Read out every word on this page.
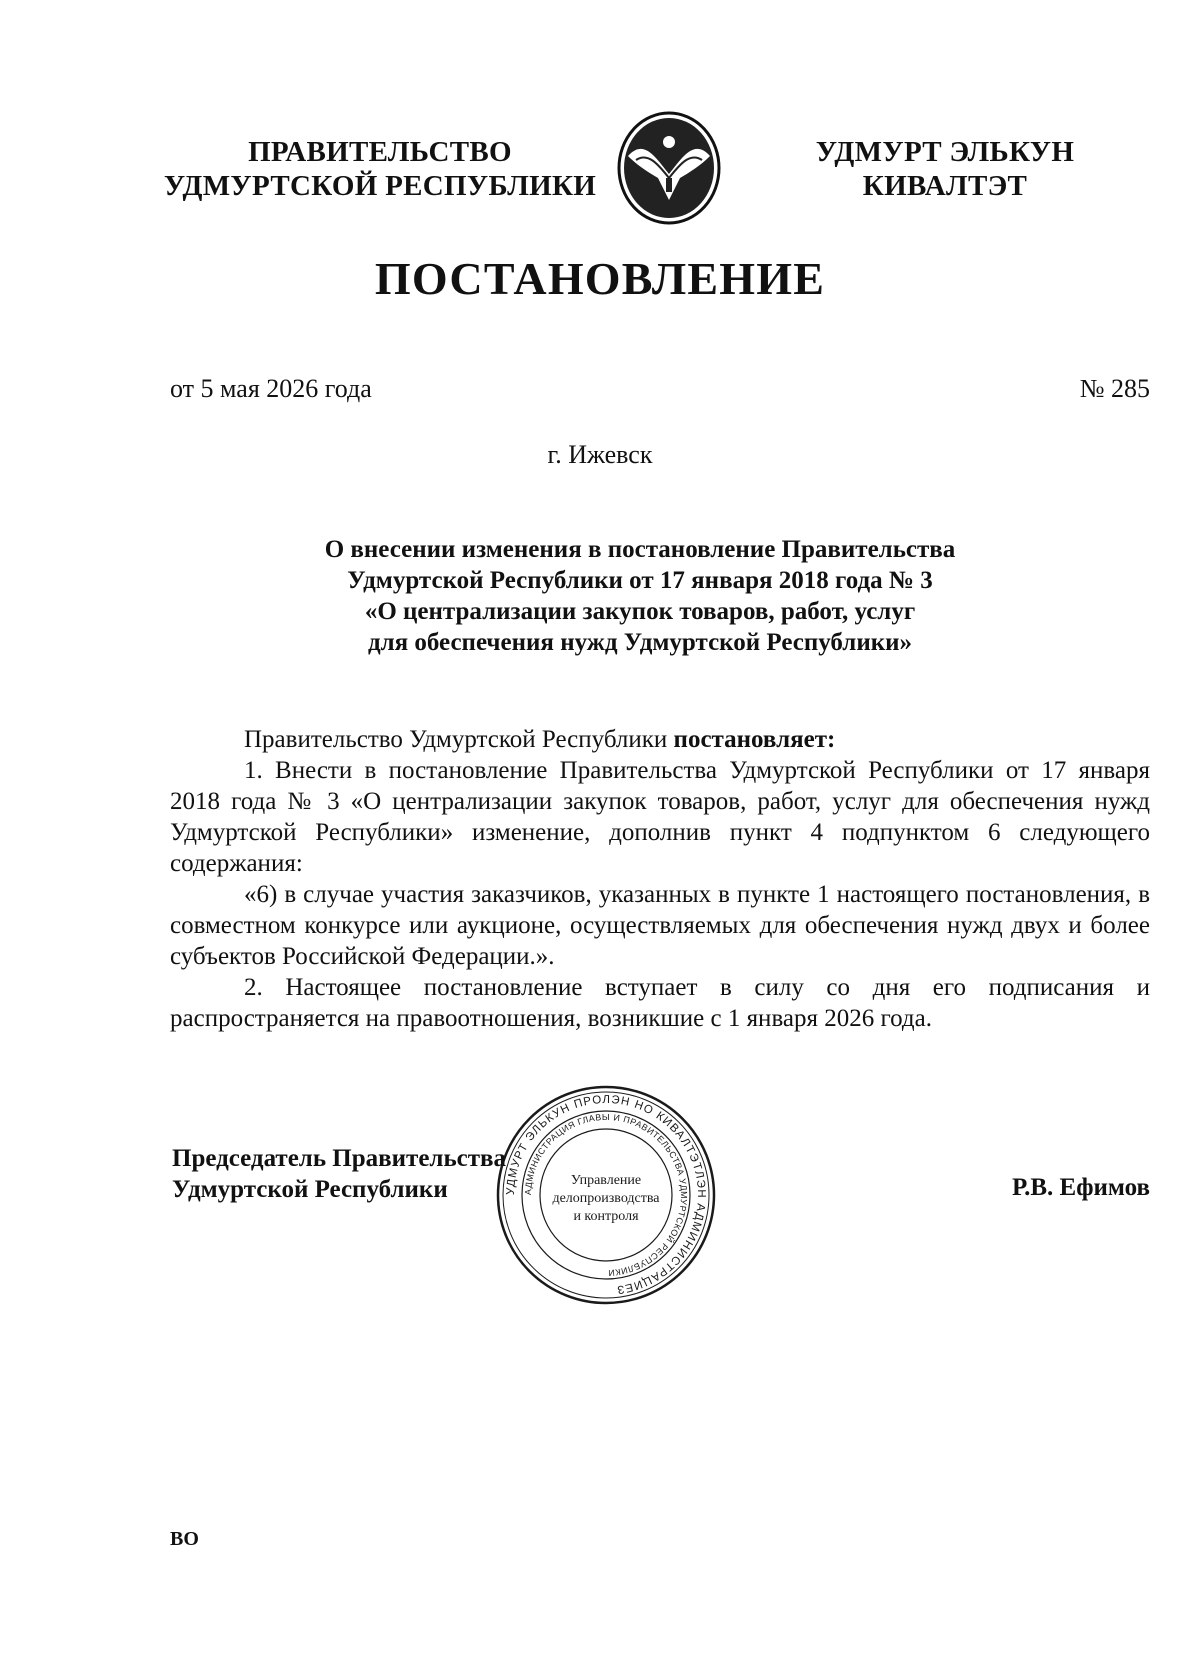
ПРАВИТЕЛЬСТВО
УДМУРТСКОЙ РЕСПУБЛИКИ
УДМУРТ ЭЛЬКУН
КИВАЛТЭТ
ПОСТАНОВЛЕНИЕ
от 5 мая 2026 года	№ 285
г. Ижевск
О внесении изменения в постановление Правительства
Удмуртской Республики от 17 января 2018 года № 3
«О централизации закупок товаров, работ, услуг
для обеспечения нужд Удмуртской Республики»

Правительство Удмуртской Республики постановляет:

1. Внести в постановление Правительства Удмуртской Республики от 17 января 2018 года № 3 «О централизации закупок товаров, работ, услуг для обеспечения нужд Удмуртской Республики» изменение, дополнив пункт 4 подпунктом 6 следующего содержания:

«6) в случае участия заказчиков, указанных в пункте 1 настоящего постановления, в совместном конкурсе или аукционе, осуществляемых для обеспечения нужд двух и более субъектов Российской Федерации.».

2. Настоящее постановление вступает в силу со дня его подписания и распространяется на правоотношения, возникшие с 1 января 2026 года.

УДМУРТ ЭЛЬКУН ПРОЛЭН НО КИВАЛТЭТЛЭН АДМИНИСТРАЦИЕЗ
АДМИНИСТРАЦИЯ ГЛАВЫ И ПРАВИТЕЛЬСТВА УДМУРТСКОЙ РЕСПУБЛИКИ
Управление
делопроизводства
и контроля
Председатель Правительства
Удмуртской Республики	Р.В. Ефимов
ВО
